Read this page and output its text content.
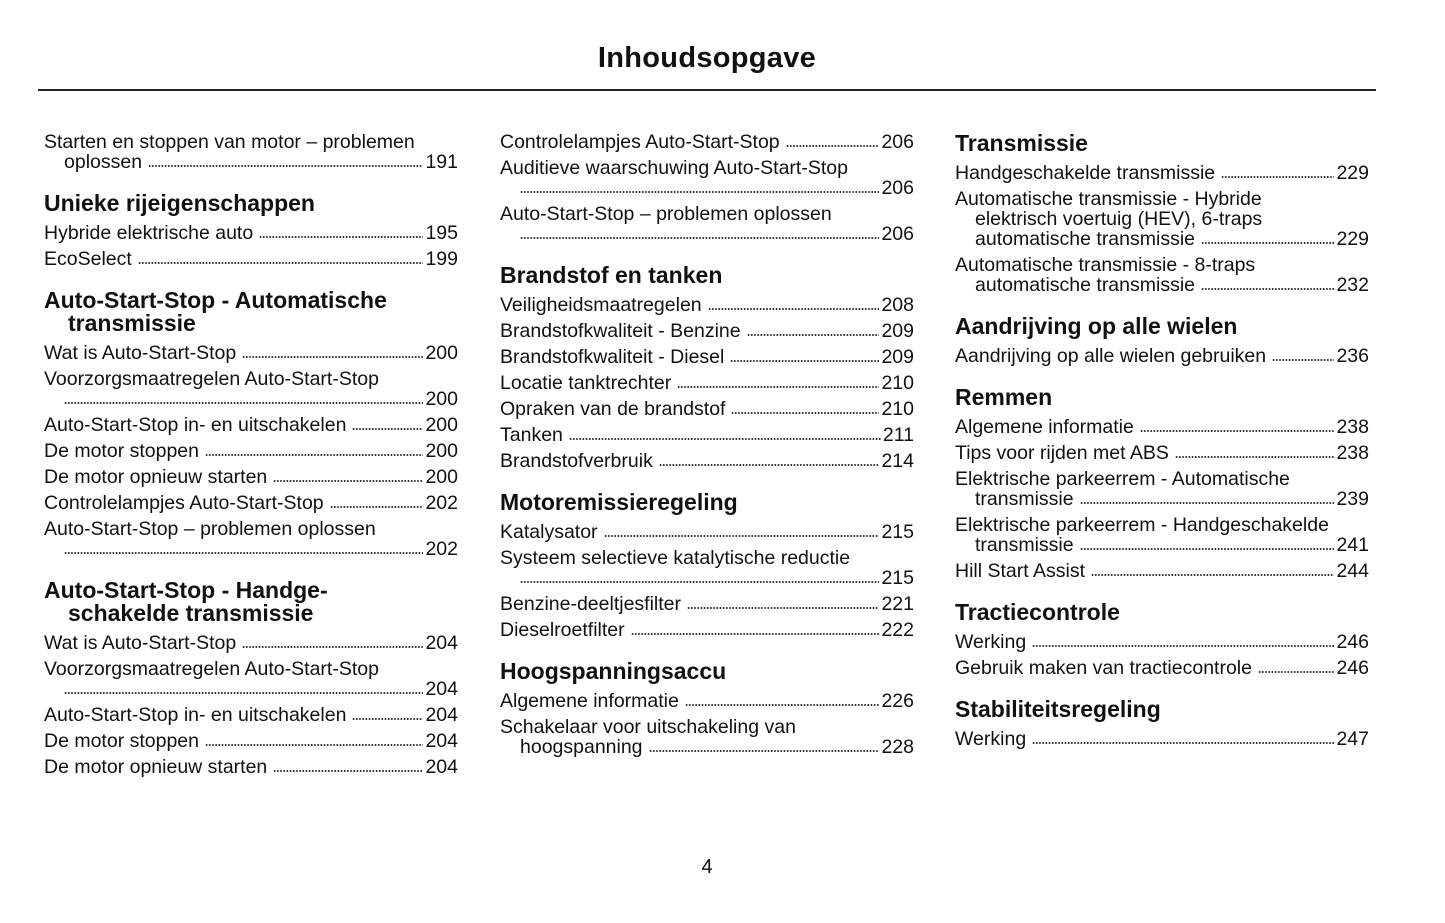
Inhoudsopgave
Starten en stoppen van motor – problemen
oplossen	191
Unieke rijeigenschappen
Hybride elektrische auto	195
EcoSelect	199
Auto-Start-Stop - Automatische
transmissie
Wat is Auto-Start-Stop	200
Voorzorgsmaatregelen Auto-Start-Stop
200
Auto-Start-Stop in- en uitschakelen	200
De motor stoppen	200
De motor opnieuw starten	200
Controlelampjes Auto-Start-Stop	202
Auto-Start-Stop – problemen oplossen
202
Auto-Start-Stop - Handge-
schakelde transmissie
Wat is Auto-Start-Stop	204
Voorzorgsmaatregelen Auto-Start-Stop
204
Auto-Start-Stop in- en uitschakelen	204
De motor stoppen	204
De motor opnieuw starten	204
Controlelampjes Auto-Start-Stop	206
Auditieve waarschuwing Auto-Start-Stop
206
Auto-Start-Stop – problemen oplossen
206
Brandstof en tanken
Veiligheidsmaatregelen	208
Brandstofkwaliteit - Benzine	209
Brandstofkwaliteit - Diesel	209
Locatie tanktrechter	210
Opraken van de brandstof	210
Tanken	211
Brandstofverbruik	214
Motoremissieregeling
Katalysator	215
Systeem selectieve katalytische reductie
215
Benzine-deeltjesfilter	221
Dieselroetfilter	222
Hoogspanningsaccu
Algemene informatie	226
Schakelaar voor uitschakeling van
hoogspanning	228
Transmissie
Handgeschakelde transmissie	229
Automatische transmissie - Hybride
elektrisch voertuig (HEV), 6-traps
automatische transmissie	229
Automatische transmissie - 8-traps
automatische transmissie	232
Aandrijving op alle wielen
Aandrijving op alle wielen gebruiken	236
Remmen
Algemene informatie	238
Tips voor rijden met ABS	238
Elektrische parkeerrem - Automatische
transmissie	239
Elektrische parkeerrem - Handgeschakelde
transmissie	241
Hill Start Assist	244
Tractiecontrole
Werking	246
Gebruik maken van tractiecontrole	246
Stabiliteitsregeling
Werking	247
4
